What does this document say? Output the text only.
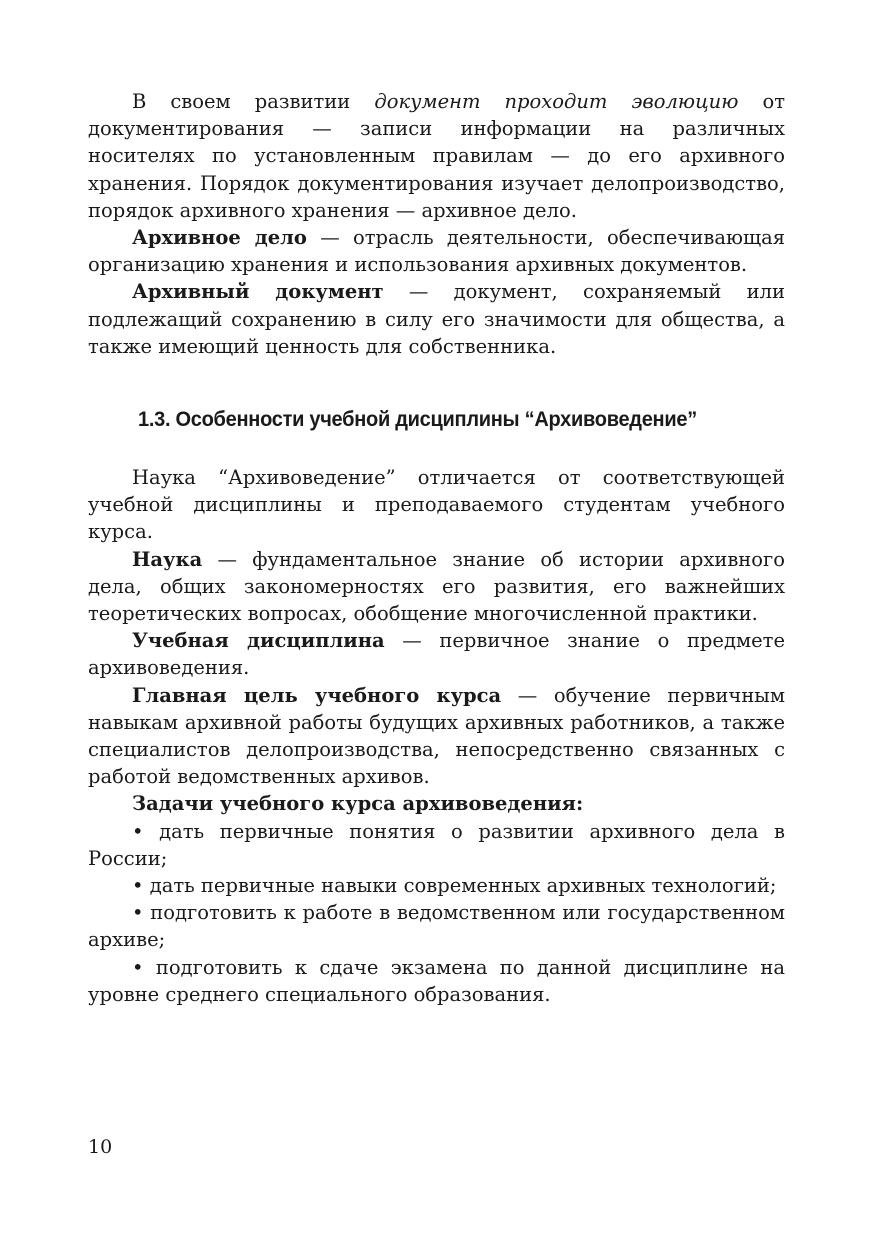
В своем развитии документ проходит эволюцию от документирования — записи информации на различных носителях по установленным правилам — до его архивного хранения. Порядок документирования изучает делопроизводство, порядок архивного хранения — архивное дело.

Архивное дело — отрасль деятельности, обеспечивающая организацию хранения и использования архивных документов.

Архивный документ — документ, сохраняемый или подлежащий сохранению в силу его значимости для общества, а также имеющий ценность для собственника.

1.3. Особенности учебной дисциплины “Архивоведение”

Наука “Архивоведение” отличается от соответствующей учебной дисциплины и преподаваемого студентам учебного курса.

Наука — фундаментальное знание об истории архивного дела, общих закономерностях его развития, его важнейших теоретических вопросах, обобщение многочисленной практики.

Учебная дисциплина — первичное знание о предмете архивоведения.

Главная цель учебного курса — обучение первичным навыкам архивной работы будущих архивных работников, а также специалистов делопроизводства, непосредственно связанных с работой ведомственных архивов.

Задачи учебного курса архивоведения:

• дать первичные понятия о развитии архивного дела в России;

• дать первичные навыки современных архивных технологий;

• подготовить к работе в ведомственном или государственном архиве;

• подготовить к сдаче экзамена по данной дисциплине на уровне среднего специального образования.

10
